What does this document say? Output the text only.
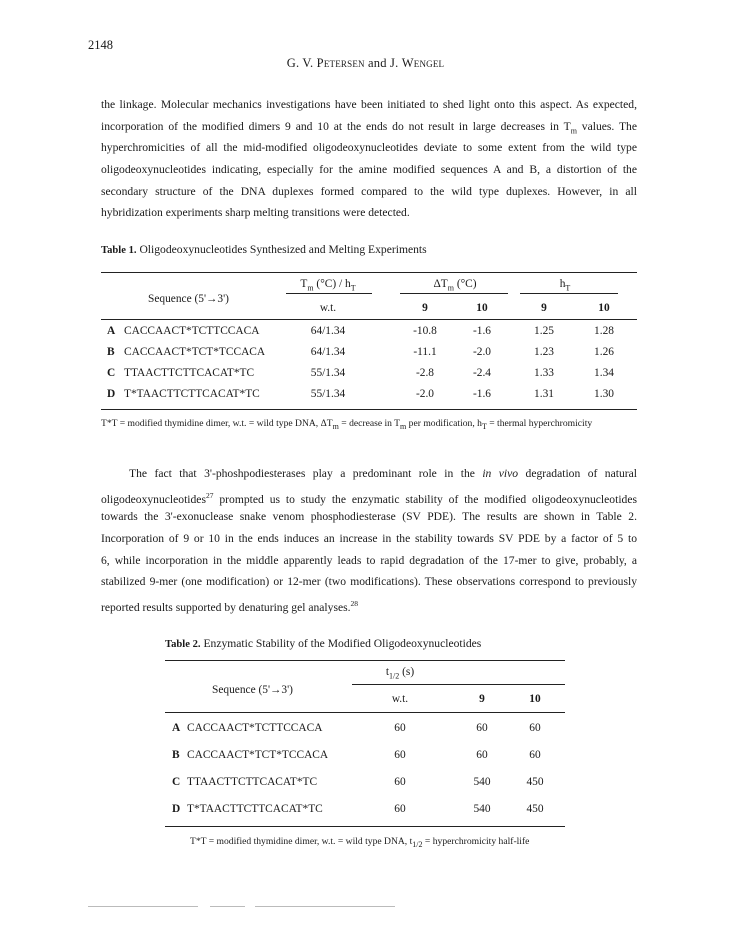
2148
G. V. Petersen and J. Wengel
the linkage. Molecular mechanics investigations have been initiated to shed light onto this aspect. As expected,
incorporation of the modified dimers 9 and 10 at the ends do not result in large decreases in $T_m$ values. The
hyperchromicities of all the mid-modified oligodeoxynucleotides deviate to some extent from the wild type
oligodeoxynucleotides indicating, especially for the amine modified sequences A and B, a distortion of the
secondary structure of the DNA duplexes formed compared to the wild type duplexes. However, in all
hybridization experiments sharp melting transitions were detected.
Table 1. Oligodeoxynucleotides Synthesized and Melting Experiments
Sequence (5'→3')
$T_m$ $(^\circ C) / h_T$	$\Delta T_m$ (°C)	$h_T$
w.t.	9	10	9	10
A CACCAACT*TCTTCCACA	64/1.34	-10.8	-1.6	1.25	1.28
B CACCAACT*TCT*TCCACA	64/1.34	-11.1	-2.0	1.23	1.26
C TTAACTTCTTCACAT*TC	55/1.34	-2.8	-2.4	1.33	1.34
D T*TAACTTCTTCACAT*TC	55/1.34	-2.0	-1.6	1.31	1.30
T*T = modified thymidine dimer, w.t. = wild type DNA, $\Delta T_m$ = decrease in $T_m$ per modification, $h_T$ = thermal hyperchromicity
The fact that 3'-phoshpodiesterases play a predominant role in the in vivo degradation of natural
oligodeoxynucleotides$^{27}$ prompted us to study the enzymatic stability of the modified oligodeoxynucleotides
towards the 3'-exonuclease snake venom phosphodiesterase (SV PDE). The results are shown in Table 2.
Incorporation of 9 or 10 in the ends induces an increase in the stability towards SV PDE by a factor of 5 to
6, while incorporation in the middle apparently leads to rapid degradation of the 17-mer to give, probably, a
stabilized 9-mer (one modification) or 12-mer (two modifications). These observations correspond to previously
reported results supported by denaturing gel analyses.$^{28}$
Table 2. Enzymatic Stability of the Modified Oligodeoxynucleotides
$t_{1/2}$ (s)
Sequence (5'→3')
w.t.	9	10
A CACCAACT*TCTTCCACA	60	60	60
B CACCAACT*TCT*TCCACA	60	60	60
C TTAACTTCTTCACAT*TC	60	540	450
D T*TAACTTCTTCACAT*TC	60	540	450
T*T = modified thymidine dimer, w.t. = wild type DNA, $t_{1/2}$ = hyperchromicity half-life
